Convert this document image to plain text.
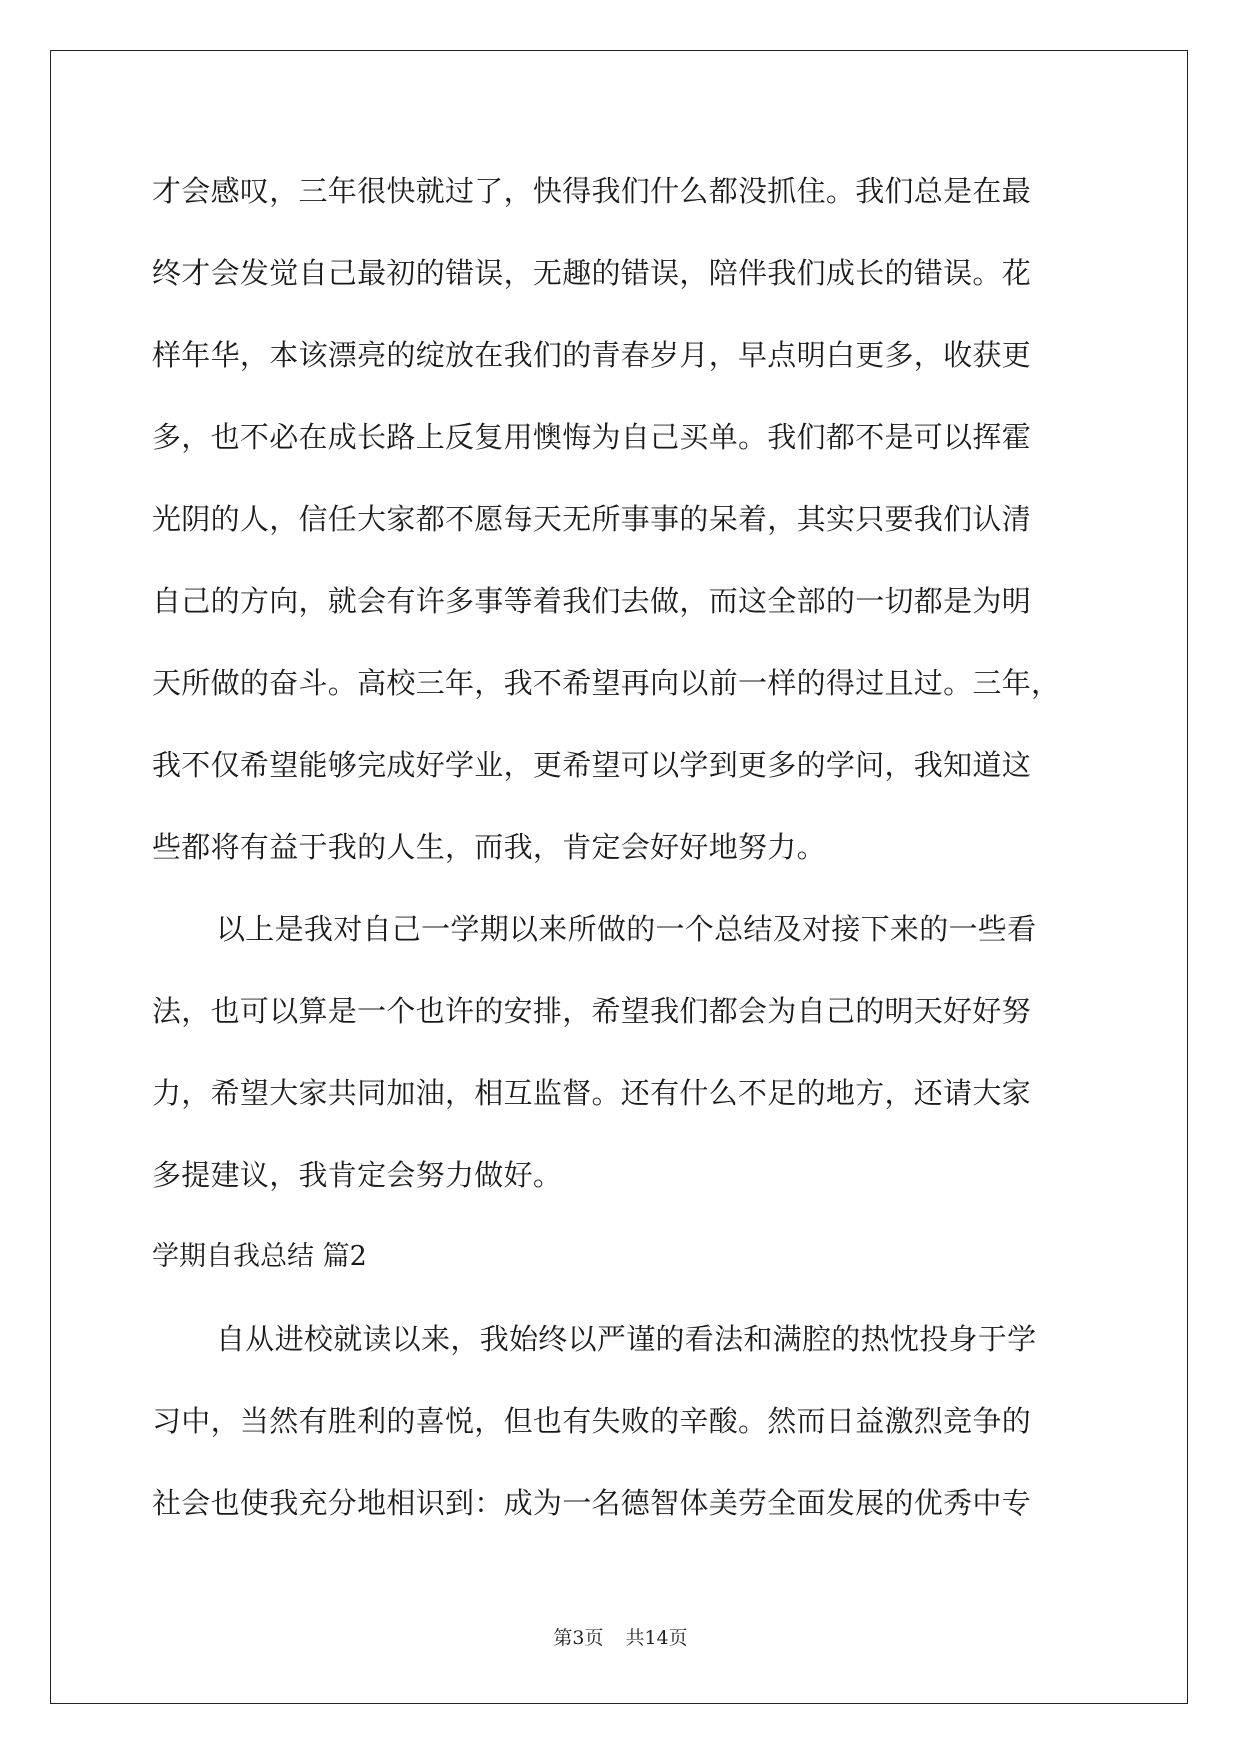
才会感叹，三年很快就过了，快得我们什么都没抓住。我们总是在最
终才会发觉自己最初的错误，无趣的错误，陪伴我们成长的错误。花
样年华，本该漂亮的绽放在我们的青春岁月，早点明白更多，收获更
多，也不必在成长路上反复用懊悔为自己买单。我们都不是可以挥霍
光阴的人，信任大家都不愿每天无所事事的呆着，其实只要我们认清
自己的方向，就会有许多事等着我们去做，而这全部的一切都是为明
天所做的奋斗。高校三年，我不希望再向以前一样的得过且过。三年，
我不仅希望能够完成好学业，更希望可以学到更多的学问，我知道这
些都将有益于我的人生，而我，肯定会好好地努力。
以上是我对自己一学期以来所做的一个总结及对接下来的一些看
法，也可以算是一个也许的安排，希望我们都会为自己的明天好好努
力，希望大家共同加油，相互监督。还有什么不足的地方，还请大家
多提建议，我肯定会努力做好。
学期自我总结 篇2
自从进校就读以来，我始终以严谨的看法和满腔的热忱投身于学
习中，当然有胜利的喜悦，但也有失败的辛酸。然而日益激烈竞争的
社会也使我充分地相识到：成为一名德智体美劳全面发展的优秀中专
第3页 共14页
